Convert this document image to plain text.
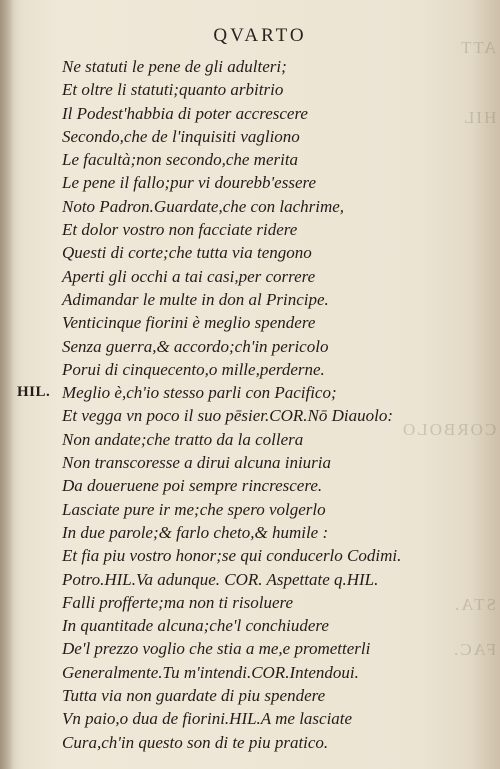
ATT
HIL
CORBOLO
STA.
FAC.
QVARTO
Ne statuti le pene de gli adulteri;
Et oltre li statuti;quanto arbitrio
Il Podest'habbia di poter accrescere
Secondo,che de l'inquisiti vagliono
Le facultà;non secondo,che merita
Le pene il fallo;pur vi dourebb'essere
Noto Padron.Guardate,che con lachrime,
Et dolor vostro non facciate ridere
Questi di corte;che tutta via tengono
Aperti gli occhi a tai casi,per correre
Adimandar le multe in don al Principe.
Venticinque fiorini è meglio spendere
Senza guerra,& accordo;ch'in pericolo
Porui di cinquecento,o mille,perderne.
HIL. Meglio è,ch'io stesso parli con Pacifico;
Et vegga vn poco il suo pēsier.COR.Nō Diauolo:
Non andate;che tratto da la collera
Non transcoresse a dirui alcuna iniuria
Da doueruene poi sempre rincrescere.
Lasciate pure ir me;che spero volgerlo
In due parole;& farlo cheto,& humile :
Et fia piu vostro honor;se qui conducerlo Codimi.
Potro.HIL.Va adunque. COR. Aspettate q.HIL.
Falli profferte;ma non ti risoluere
In quantitade alcuna;che'l conchiudere
De'l prezzo voglio che stia a me,e prometterli
Generalmente.Tu m'intendi.COR.Intendoui.
Tutta via non guardate di piu spendere
Vn paio,o dua de fiorini.HIL.A me lasciate
Cura,ch'in questo son di te piu pratico.
